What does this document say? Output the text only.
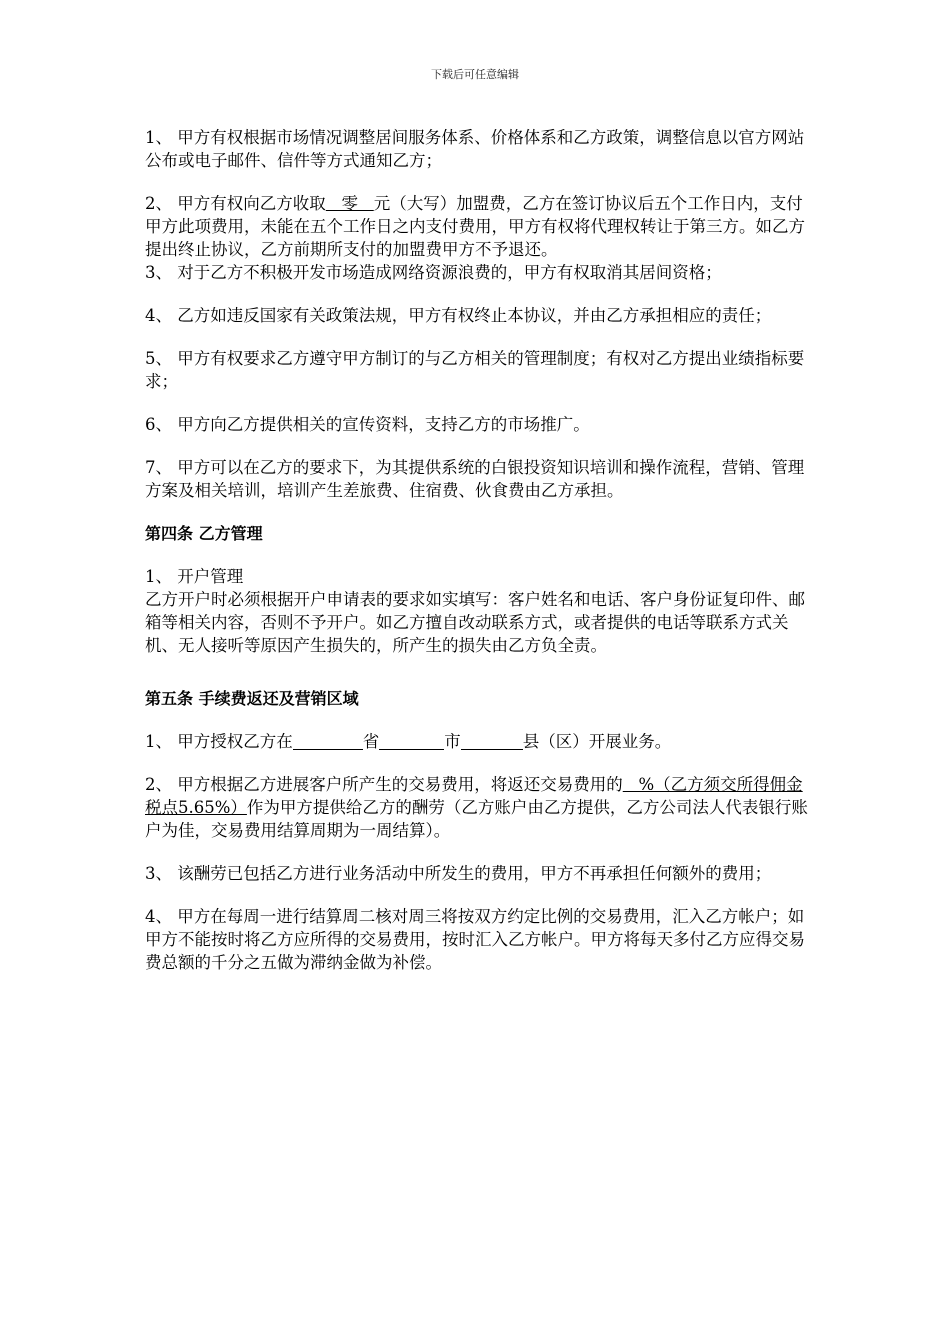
下载后可任意编辑

1、 甲方有权根据市场情况调整居间服务体系、价格体系和乙方政策，调整信息以官方网站公布或电子邮件、信件等方式通知乙方；

2、 甲方有权向乙方收取   零   元（大写）加盟费，乙方在签订协议后五个工作日内，支付甲方此项费用，未能在五个工作日之内支付费用，甲方有权将代理权转让于第三方。如乙方提出终止协议，乙方前期所支付的加盟费甲方不予退还。

3、 对于乙方不积极开发市场造成网络资源浪费的，甲方有权取消其居间资格；

4、 乙方如违反国家有关政策法规，甲方有权终止本协议，并由乙方承担相应的责任；

5、 甲方有权要求乙方遵守甲方制订的与乙方相关的管理制度；有权对乙方提出业绩指标要求；

6、 甲方向乙方提供相关的宣传资料，支持乙方的市场推广。

7、 甲方可以在乙方的要求下，为其提供系统的白银投资知识培训和操作流程，营销、管理方案及相关培训，培训产生差旅费、住宿费、伙食费由乙方承担。

第四条 乙方管理

1、 开户管理

乙方开户时必须根据开户申请表的要求如实填写：客户姓名和电话、客户身份证复印件、邮箱等相关内容，否则不予开户。如乙方擅自改动联系方式，或者提供的电话等联系方式关机、无人接听等原因产生损失的，所产生的损失由乙方负全责。

第五条 手续费返还及营销区域

1、 甲方授权乙方在	省	市	县（区）开展业务。

2、 甲方根据乙方进展客户所产生的交易费用，将返还交易费用的   %（乙方须交所得佣金税点5.65%）作为甲方提供给乙方的酬劳（乙方账户由乙方提供，乙方公司法人代表银行账户为佳，交易费用结算周期为一周结算）。

3、 该酬劳已包括乙方进行业务活动中所发生的费用，甲方不再承担任何额外的费用；

4、 甲方在每周一进行结算周二核对周三将按双方约定比例的交易费用，汇入乙方帐户；如甲方不能按时将乙方应所得的交易费用，按时汇入乙方帐户。甲方将每天多付乙方应得交易费总额的千分之五做为滞纳金做为补偿。
